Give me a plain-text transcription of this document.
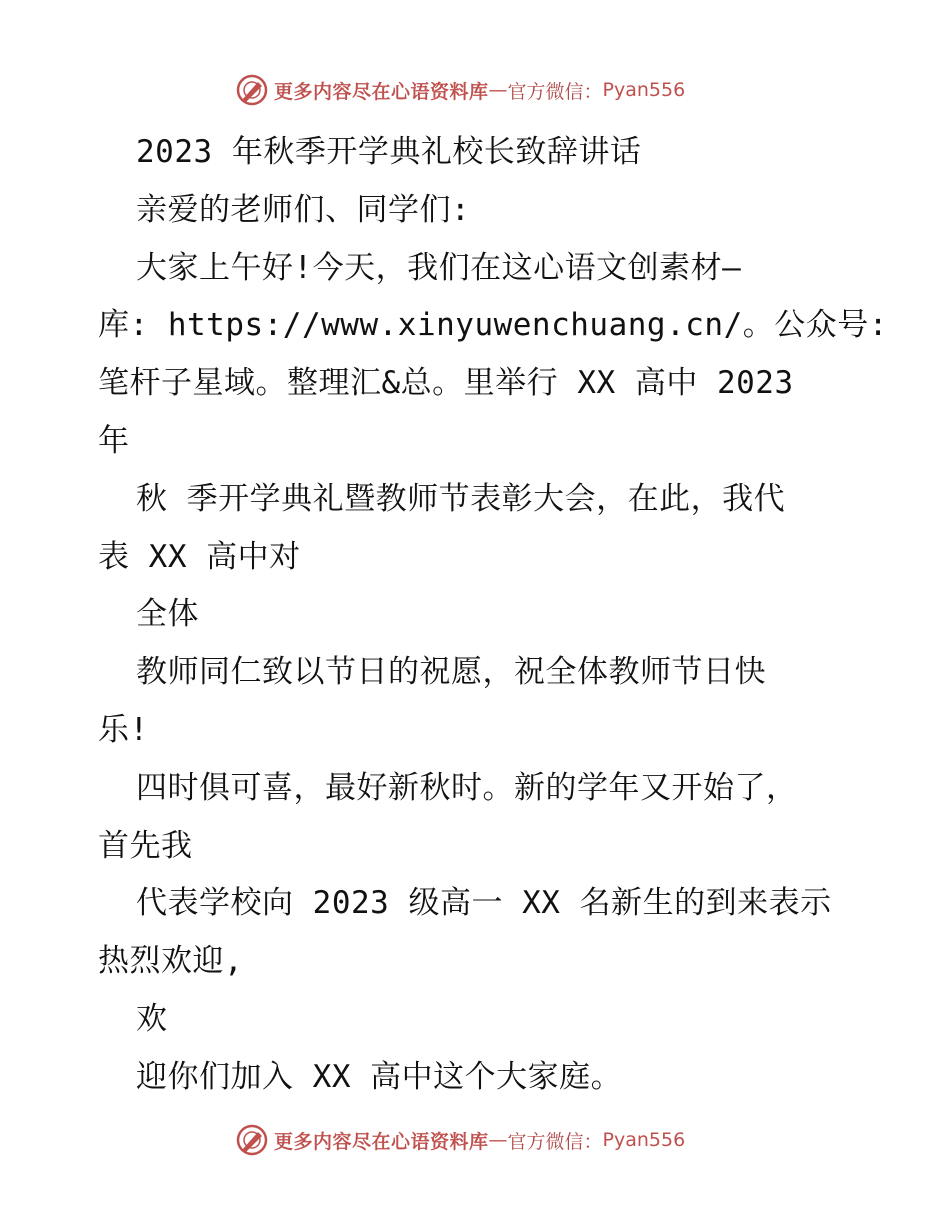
更多内容尽在心语资料库 — 官方微信： Pyan556
2023 年秋季开学典礼校长致辞讲话
亲爱的老师们、同学们:
大家上午好!今天，我们在这心语文创素材—
库: https://www.xinyuwenchuang.cn/。公众号:
笔杆子星域。整理汇&总。里举行 XX 高中 2023
年
秋 季开学典礼暨教师节表彰大会，在此，我代
表 XX 高中对
全体
教师同仁致以节日的祝愿，祝全体教师节日快
乐!
四时俱可喜，最好新秋时。新的学年又开始了，
首先我
代表学校向 2023 级高一 XX 名新生的到来表示
热烈欢迎,
欢
迎你们加入 XX 高中这个大家庭。
更多内容尽在心语资料库 — 官方微信： Pyan556
